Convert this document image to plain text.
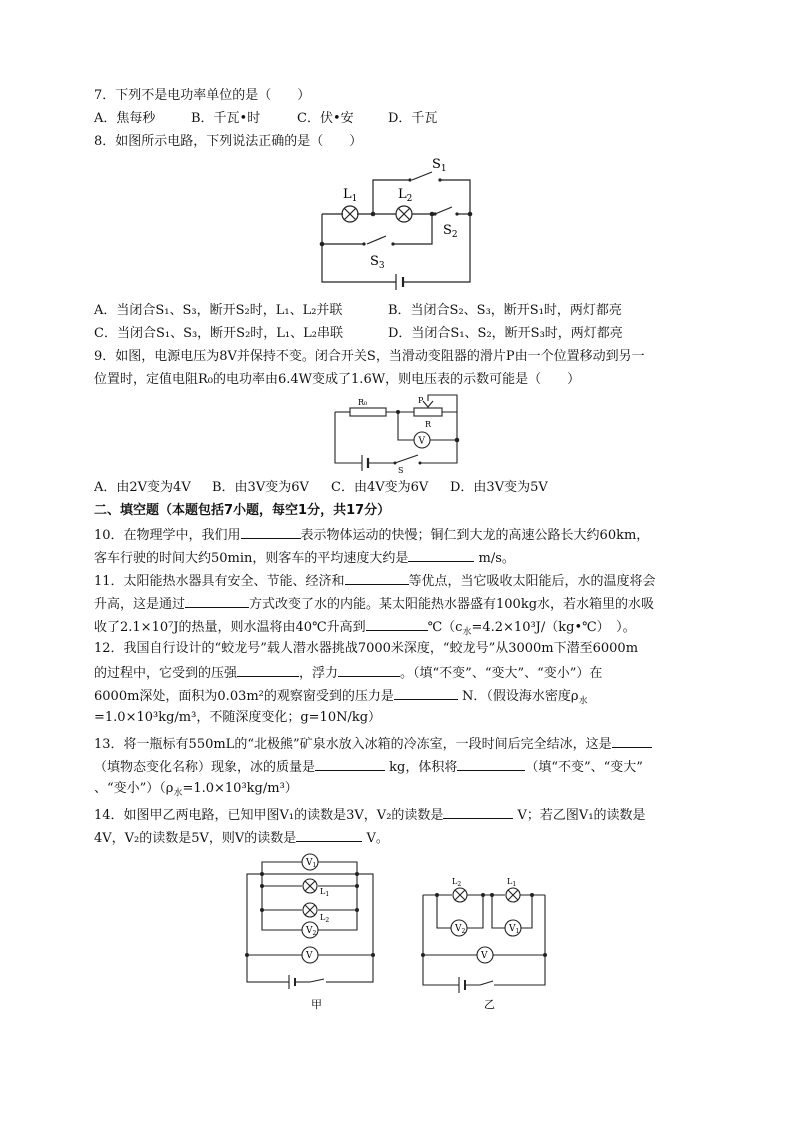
7．下列不是电功率单位的是（　　）
A．焦每秒	B．千瓦•时	C．伏•安	D．千瓦
8．如图所示电路，下列说法正确的是（　　）
$L_1$	$L_2$
$S_1$
$S_2$
$S_3$
A．当闭合S₁、S₃，断开S₂时，L₁、L₂并联	B．当闭合S₂、S₃，断开S₁时，两灯都亮
C．当闭合S₁、S₃，断开S₂时，L₁、L₂串联	D．当闭合S₁、S₂，断开S₃时，两灯都亮
9．如图，电源电压为8V并保持不变。闭合开关S，当滑动变阻器的滑片P由一个位置移动到另一
位置时，定值电阻R₀的电功率由6.4W变成了1.6W，则电压表的示数可能是（　　）
R₀	P
R
V
S
A．由2V变为4V B．由3V变为6V C．由4V变为6V D．由3V变为5V
二、填空题（本题包括7小题，每空1分，共17分）
10．在物理学中，我们用	表示物体运动的快慢；铜仁到大龙的高速公路长大约60km，
客车行驶的时间大约50min，则客车的平均速度大约是	m/s。
11．太阳能热水器具有安全、节能、经济和	等优点，当它吸收太阳能后，水的温度将会
升高，这是通过	方式改变了水的内能。某太阳能热水器盛有100kg水，若水箱里的水吸
收了2.1×10⁷J的热量，则水温将由40℃升高到	$℃(c_水=4.2\times 10^3J/(kg•℃)$　）。
12．我国自行设计的“蛟龙号”载人潜水器挑战7000米深度，“蛟龙号”从3000m下潜至6000m
的过程中，它受到的压强	，浮力	。（填“不变”、“变大”、“变小”）在
6000m深处，面积为0.03m²的观察窗受到的压力是	N．（假设海水密度$\rho_水$
=1.0×10³kg/m³，不随深度变化；g=10N/kg）
13．将一瓶标有550mL的“北极熊”矿泉水放入冰箱的冷冻室，一段时间后完全结冰，这是
（填物态变化名称）现象，冰的质量是	kg，体积将	（填“不变”、“变大”
、“变小$”)(\rho_水=1.0\times 10^3kg/m^3)$
14．如图甲乙两电路，已知甲图V₁的读数是3V，V₂的读数是	V；若乙图V₁的读数是
4V，V₂的读数是5V，则V的读数是	V。
$V_1$
$L_1$
$L_2$
$V_2$
V
甲
$L_2$	$L_1$
$V_2$	$V_1$
V
乙
